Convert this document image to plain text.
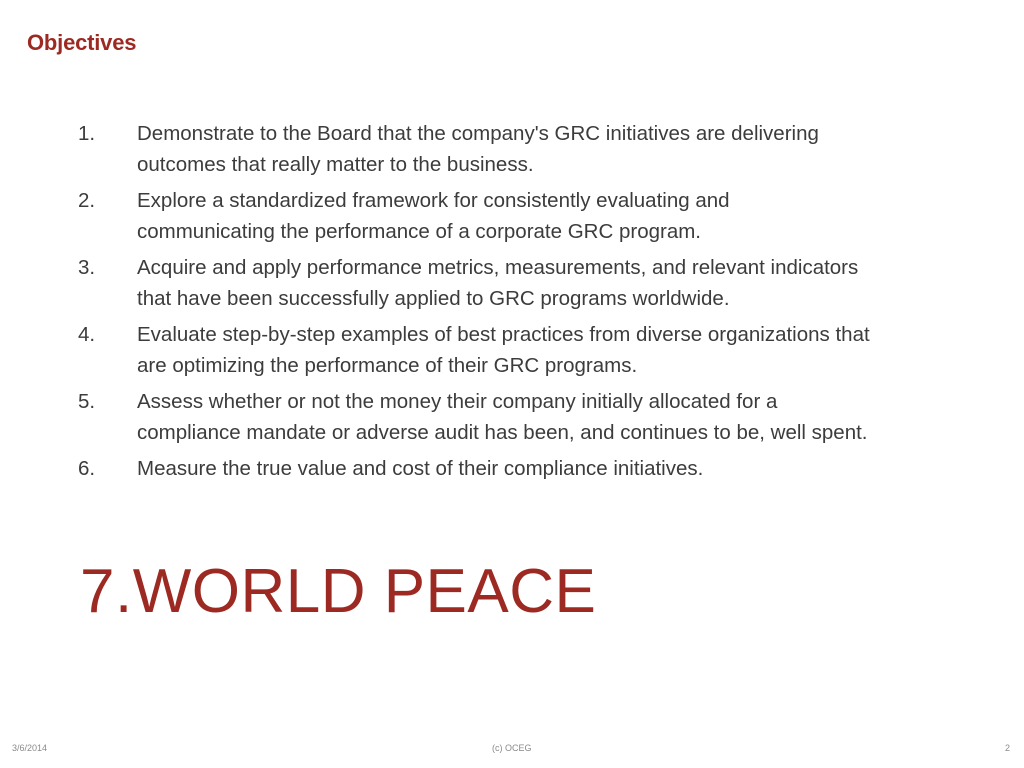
Objectives
1.	Demonstrate to the Board that the company's GRC initiatives are delivering
outcomes that really matter to the business.
2.	Explore a standardized framework for consistently evaluating and
communicating the performance of a corporate GRC program.
3.	Acquire and apply performance metrics, measurements, and relevant indicators
that have been successfully applied to GRC programs worldwide.
4.	Evaluate step-by-step examples of best practices from diverse organizations that
are optimizing the performance of their GRC programs.
5.	Assess whether or not the money their company initially allocated for a
compliance mandate or adverse audit has been, and continues to be, well spent.
6.	Measure the true value and cost of their compliance initiatives.
7.WORLD PEACE
3/6/2014	(c) OCEG	2
